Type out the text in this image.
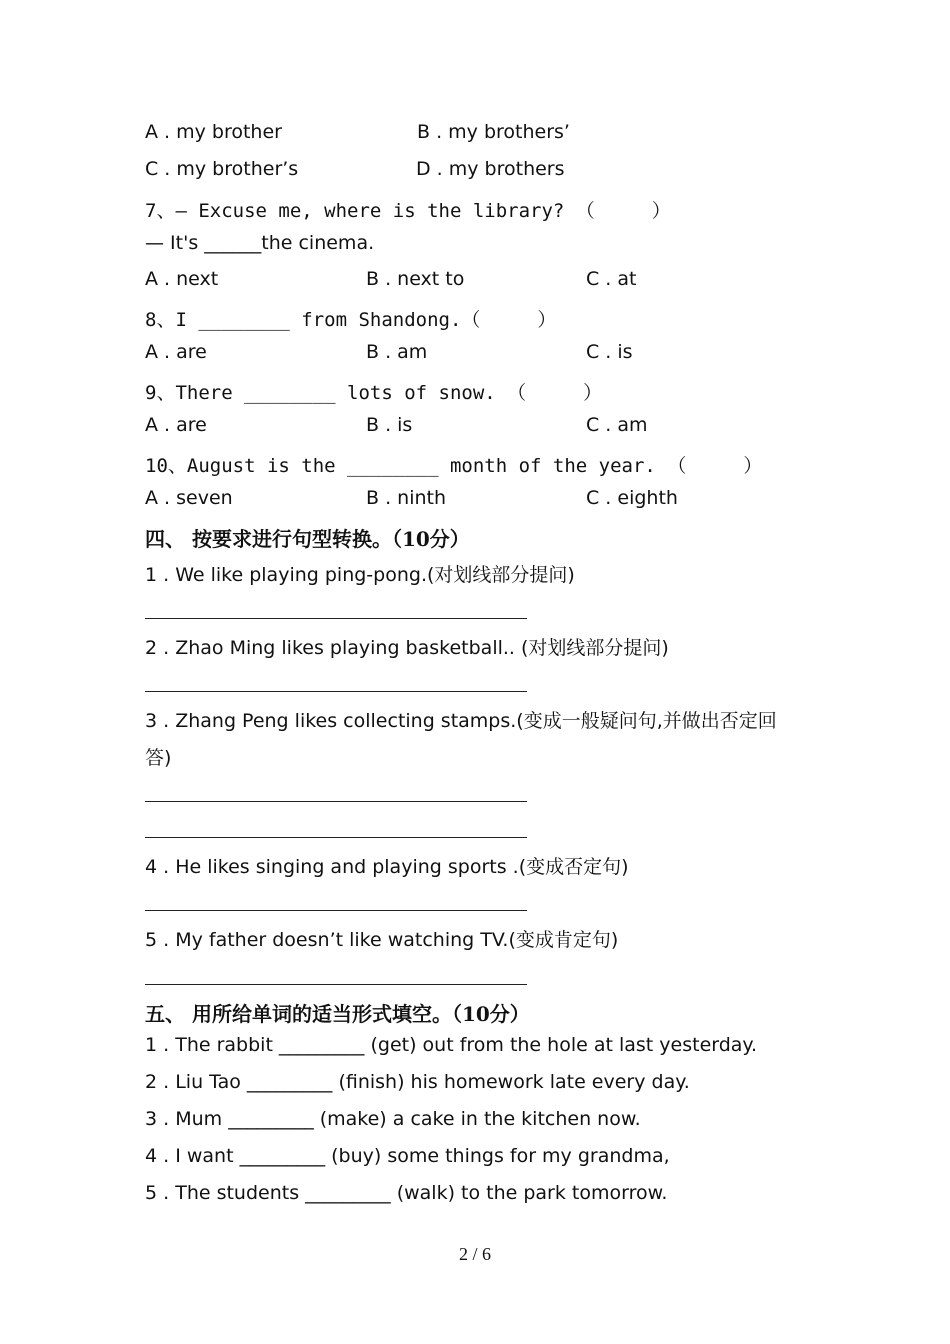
A . my brother	B . my brothers’
C . my brother’s	D . my brothers
7、— Excuse me, where is the library? （　　　）
— It's ______the cinema.
A . next	B . next to	C . at
8、I ________ from Shandong.（　　　）
A . are	B . am	C . is
9、There ________ lots of snow. （　　　）
A . are	B . is	C . am
10、August is the ________ month of the year. （　　　）
A . seven	B . ninth	C . eighth
四、 按要求进行句型转换。（10分）
1 . We like playing ping-pong.(对划线部分提问)
2 . Zhao Ming likes playing basketball.. (对划线部分提问)
3 . Zhang Peng likes collecting stamps.(变成一般疑问句,并做出否定回
答)
4 . He likes singing and playing sports .(变成否定句)
5 . My father doesn’t like watching TV.(变成肯定句)
五、 用所给单词的适当形式填空。（10分）
1 . The rabbit _________ (get) out from the hole at last yesterday.
2 . Liu Tao _________ (finish) his homework late every day.
3 . Mum _________ (make) a cake in the kitchen now.
4 . I want _________ (buy) some things for my grandma,
5 . The students _________ (walk) to the park tomorrow.
2 / 6
